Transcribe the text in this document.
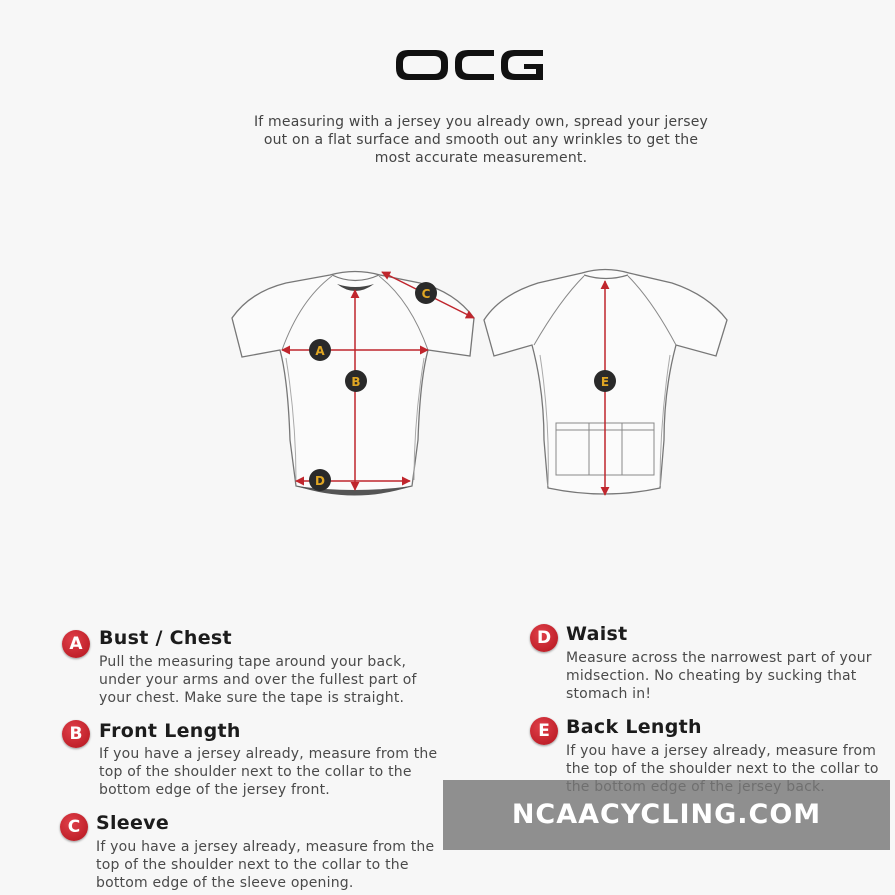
If measuring with a jersey you already own, spread your jersey out on a flat surface and smooth out any wrinkles to get the most accurate measurement.

A
B
C
D
E
A Bust / Chest

Pull the measuring tape around your back, under your arms and over the fullest part of your chest. Make sure the tape is straight.

B Front Length

If you have a jersey already, measure from the top of the shoulder next to the collar to the bottom edge of the jersey front.

C Sleeve

If you have a jersey already, measure from the top of the shoulder next to the collar to the bottom edge of the sleeve opening.

D Waist

Measure across the narrowest part of your midsection. No cheating by sucking that stomach in!

E Back Length

If you have a jersey already, measure from the top of the shoulder next to the collar to

NCAACYCLING.COM
